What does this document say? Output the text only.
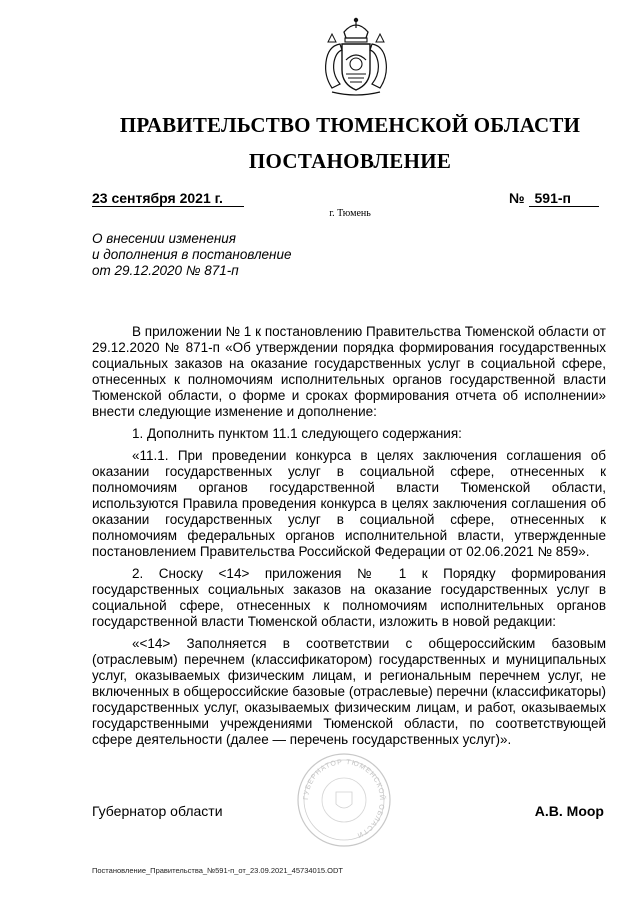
ПРАВИТЕЛЬСТВО ТЮМЕНСКОЙ ОБЛАСТИ
ПОСТАНОВЛЕНИЕ
23 сентября 2021 г.	№ 591-п
г. Тюмень
О внесении изменения
и дополнения в постановление
от 29.12.2020 № 871-п

В приложении № 1 к постановлению Правительства Тюменской области от 29.12.2020 № 871-п «Об утверждении порядка формирования государственных социальных заказов на оказание государственных услуг в социальной сфере, отнесенных к полномочиям исполнительных органов государственной власти Тюменской области, о форме и сроках формирования отчета об исполнении» внести следующие изменение и дополнение:

1. Дополнить пунктом 11.1 следующего содержания:

«11.1. При проведении конкурса в целях заключения соглашения об оказании государственных услуг в социальной сфере, отнесенных к полномочиям органов государственной власти Тюменской области, используются Правила проведения конкурса в целях заключения соглашения об оказании государственных услуг в социальной сфере, отнесенных к полномочиям федеральных органов исполнительной власти, утвержденные постановлением Правительства Российской Федерации от 02.06.2021 № 859».

2. Сноску <14> приложения № 1 к Порядку формирования государственных социальных заказов на оказание государственных услуг в социальной сфере, отнесенных к полномочиям исполнительных органов государственной власти Тюменской области, изложить в новой редакции:

«<14> Заполняется в соответствии с общероссийским базовым (отраслевым) перечнем (классификатором) государственных и муниципальных услуг, оказываемых физическим лицам, и региональным перечнем услуг, не включенных в общероссийские базовые (отраслевые) перечни (классификаторы) государственных услуг, оказываемых физическим лицам, и работ, оказываемых государственными учреждениями Тюменской области, по соответствующей сфере деятельности (далее — перечень государственных услуг)».

ГУБЕРНАТОР ТЮМЕНСКОЙ ОБЛАСТИ
Губернатор области	А.В. Моор
Постановление_Правительства_№591-п_от_23.09.2021_45734015.ODT
